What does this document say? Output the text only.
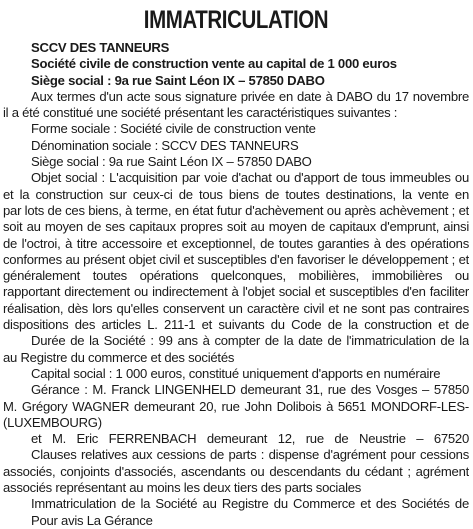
IMMATRICULATION
SCCV DES TANNEURS
Société civile de construction vente au capital de 1 000 euros
Siège social : 9a rue Saint Léon IX – 57850 DABO
Aux termes d'un acte sous signature privée en date à DABO du 17 novembre
il a été constitué une société présentant les caractéristiques suivantes :
Forme sociale : Société civile de construction vente
Dénomination sociale : SCCV DES TANNEURS
Siège social : 9a rue Saint Léon IX – 57850 DABO
Objet social : L'acquisition par voie d'achat ou d'apport de tous immeubles ou
et la construction sur ceux-ci de tous biens de toutes destinations, la vente en
par lots de ces biens, à terme, en état futur d'achèvement ou après achèvement ; et
soit au moyen de ses capitaux propres soit au moyen de capitaux d'emprunt, ainsi
de l'octroi, à titre accessoire et exceptionnel, de toutes garanties à des opérations
conformes au présent objet civil et susceptibles d'en favoriser le développement ; et
généralement toutes opérations quelconques, mobilières, immobilières ou
rapportant directement ou indirectement à l'objet social et susceptibles d'en faciliter
réalisation, dès lors qu'elles conservent un caractère civil et ne sont pas contraires
dispositions des articles L. 211-1 et suivants du Code de la construction et de
Durée de la Société : 99 ans à compter de la date de l'immatriculation de la
au Registre du commerce et des sociétés
Capital social : 1 000 euros, constitué uniquement d'apports en numéraire
Gérance : M. Franck LINGENHELD demeurant 31, rue des Vosges – 57850
M. Grégory WAGNER demeurant 20, rue John Dolibois à 5651 MONDORF-LES-
(LUXEMBOURG)
et M. Eric FERRENBACH demeurant 12, rue de Neustrie – 67520
Clauses relatives aux cessions de parts : dispense d'agrément pour cessions
associés, conjoints d'associés, ascendants ou descendants du cédant ; agrément
associés représentant au moins les deux tiers des parts sociales
Immatriculation de la Société au Registre du Commerce et des Sociétés de
Pour avis La Gérance
